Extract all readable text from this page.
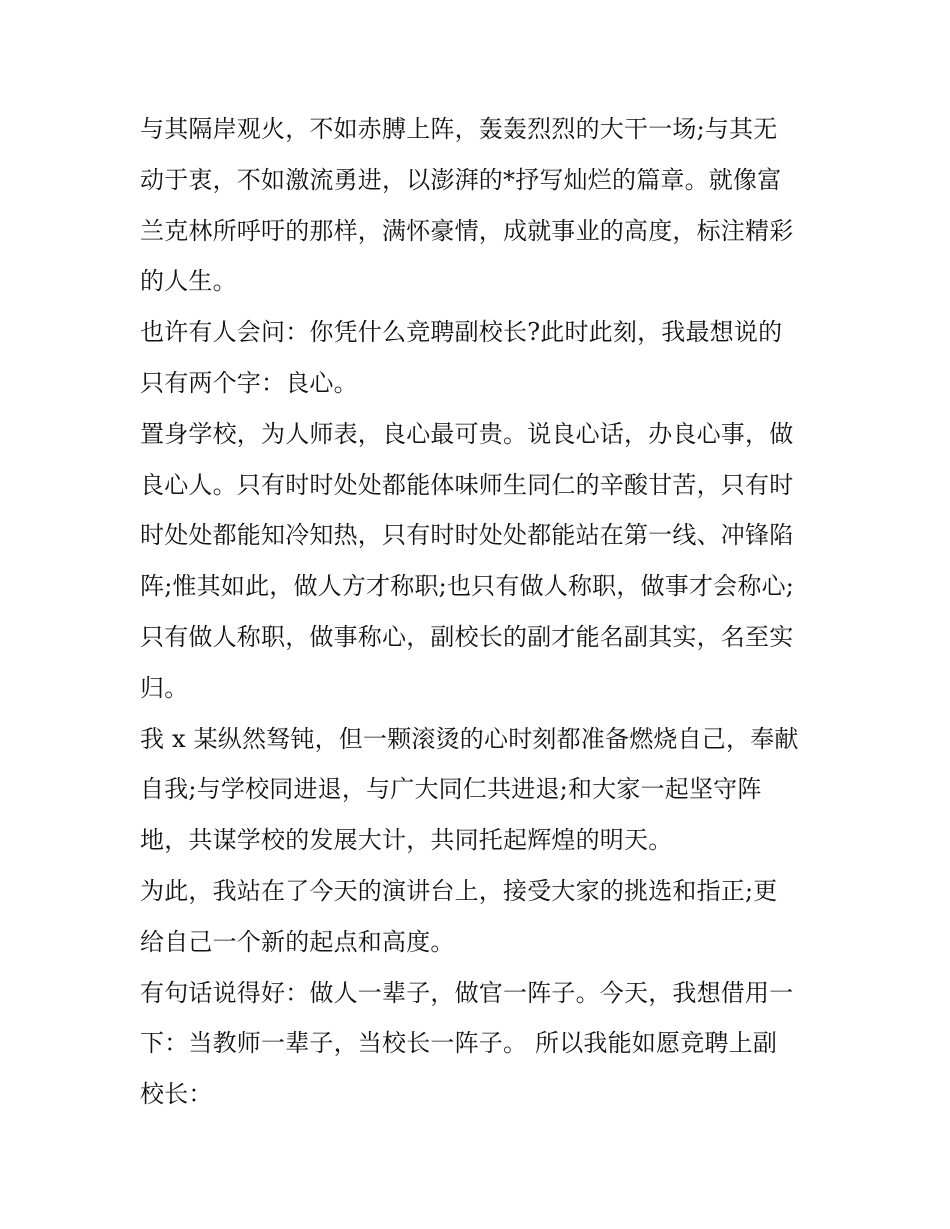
与其隔岸观火，不如赤膊上阵，轰轰烈烈的大干一场;与其无
动于衷，不如激流勇进，以澎湃的*抒写灿烂的篇章。就像富
兰克林所呼吁的那样，满怀豪情，成就事业的高度，标注精彩
的人生。
也许有人会问：你凭什么竞聘副校长?此时此刻，我最想说的
只有两个字：良心。
置身学校，为人师表，良心最可贵。说良心话，办良心事，做
良心人。只有时时处处都能体味师生同仁的辛酸甘苦，只有时
时处处都能知冷知热，只有时时处处都能站在第一线、冲锋陷
阵;惟其如此，做人方才称职;也只有做人称职，做事才会称心;
只有做人称职，做事称心，副校长的副才能名副其实，名至实
归。
我 x 某纵然驽钝，但一颗滚烫的心时刻都准备燃烧自己，奉献
自我;与学校同进退，与广大同仁共进退;和大家一起坚守阵
地，共谋学校的发展大计，共同托起辉煌的明天。
为此，我站在了今天的演讲台上，接受大家的挑选和指正;更
给自己一个新的起点和高度。
有句话说得好：做人一辈子，做官一阵子。今天，我想借用一
下：当教师一辈子，当校长一阵子。 所以我能如愿竞聘上副
校长：
